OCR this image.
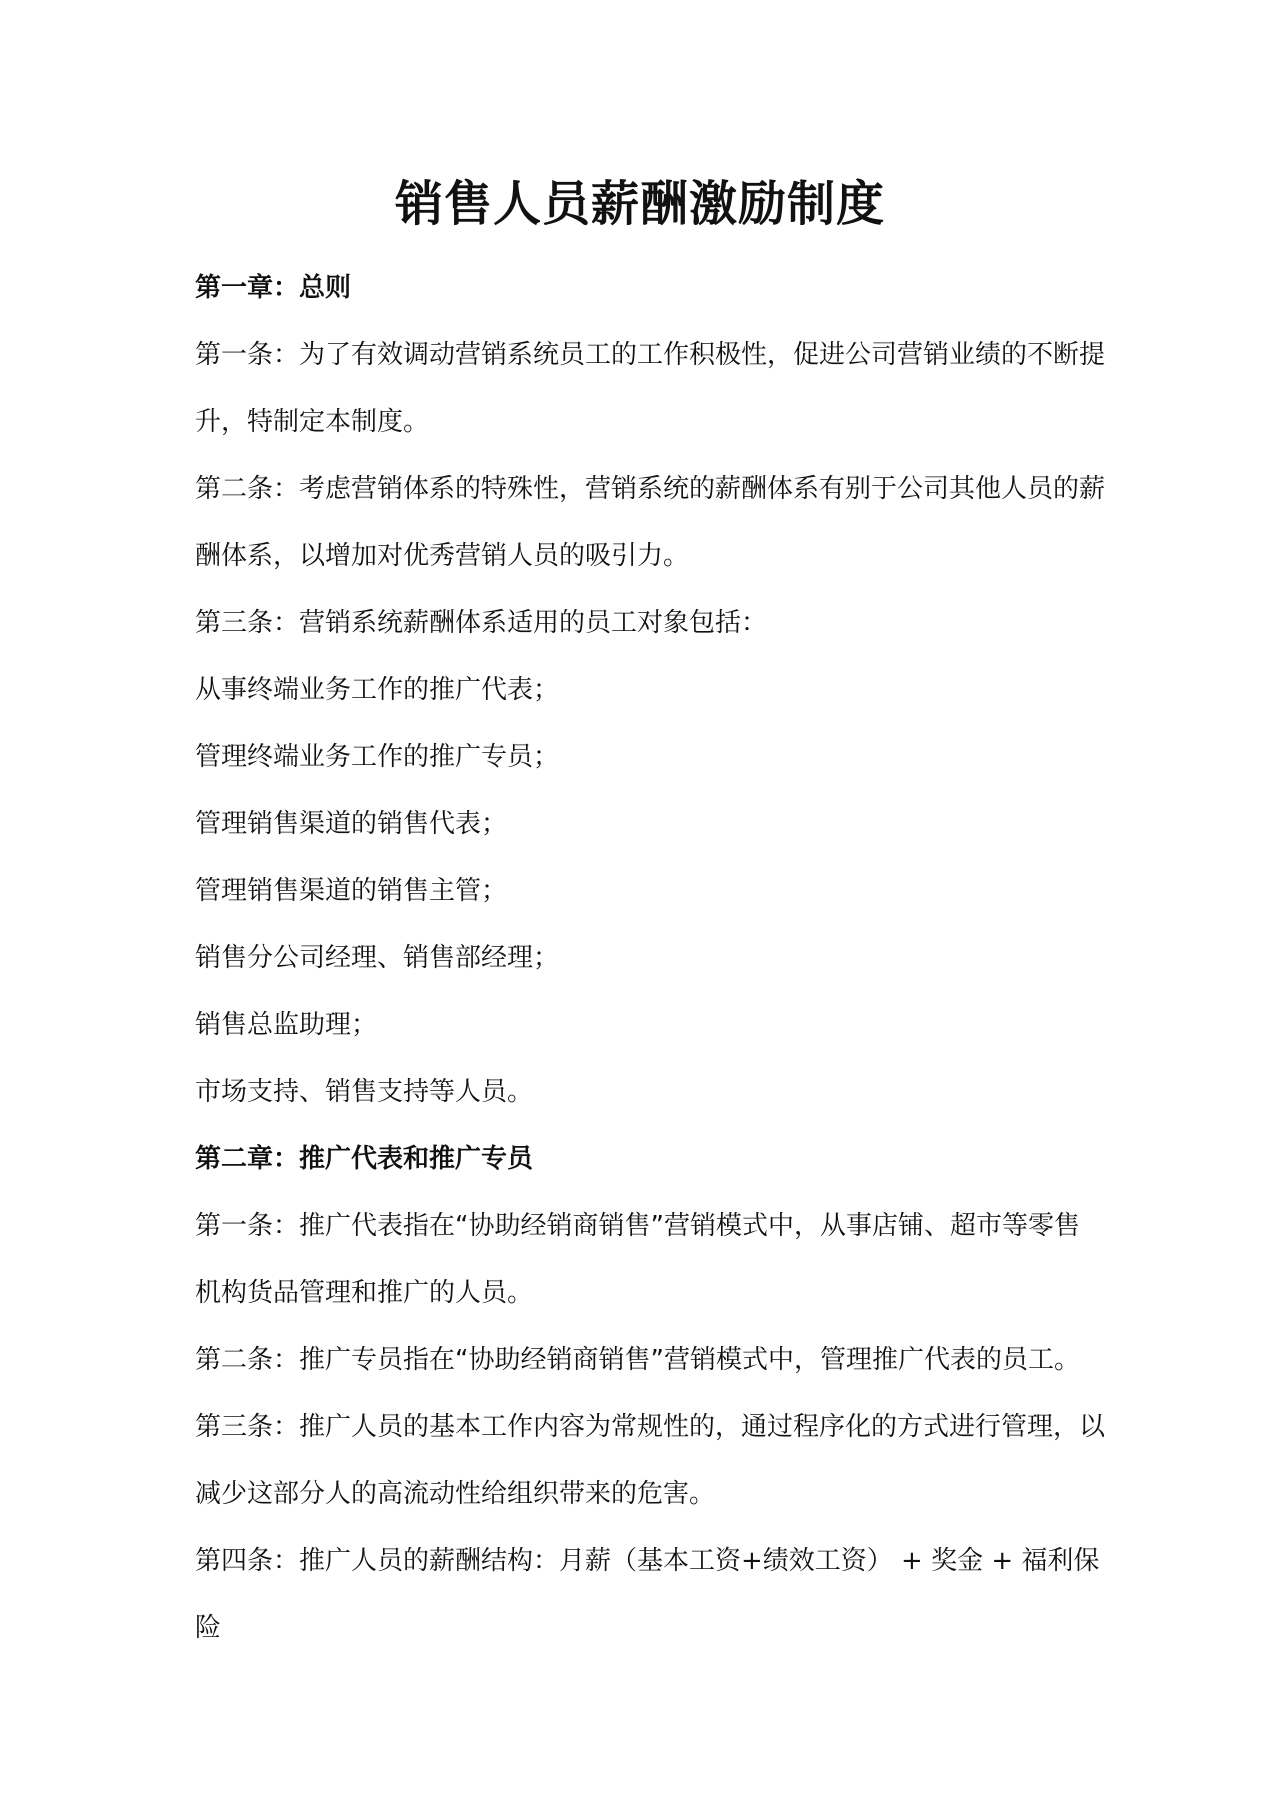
销售人员薪酬激励制度

第一章：总则

第一条：为了有效调动营销系统员工的工作积极性，促进公司营销业绩的不断提

升，特制定本制度。

第二条：考虑营销体系的特殊性，营销系统的薪酬体系有别于公司其他人员的薪

酬体系，以增加对优秀营销人员的吸引力。

第三条：营销系统薪酬体系适用的员工对象包括：

从事终端业务工作的推广代表；

管理终端业务工作的推广专员；

管理销售渠道的销售代表；

管理销售渠道的销售主管；

销售分公司经理、销售部经理；

销售总监助理；

市场支持、销售支持等人员。

第二章：推广代表和推广专员

第一条：推广代表指在“协助经销商销售”营销模式中，从事店铺、超市等零售

机构货品管理和推广的人员。

第二条：推广专员指在“协助经销商销售”营销模式中，管理推广代表的员工。

第三条：推广人员的基本工作内容为常规性的，通过程序化的方式进行管理，以

减少这部分人的高流动性给组织带来的危害。

第四条：推广人员的薪酬结构：月薪（基本工资+绩效工资） + 奖金 + 福利保

险
